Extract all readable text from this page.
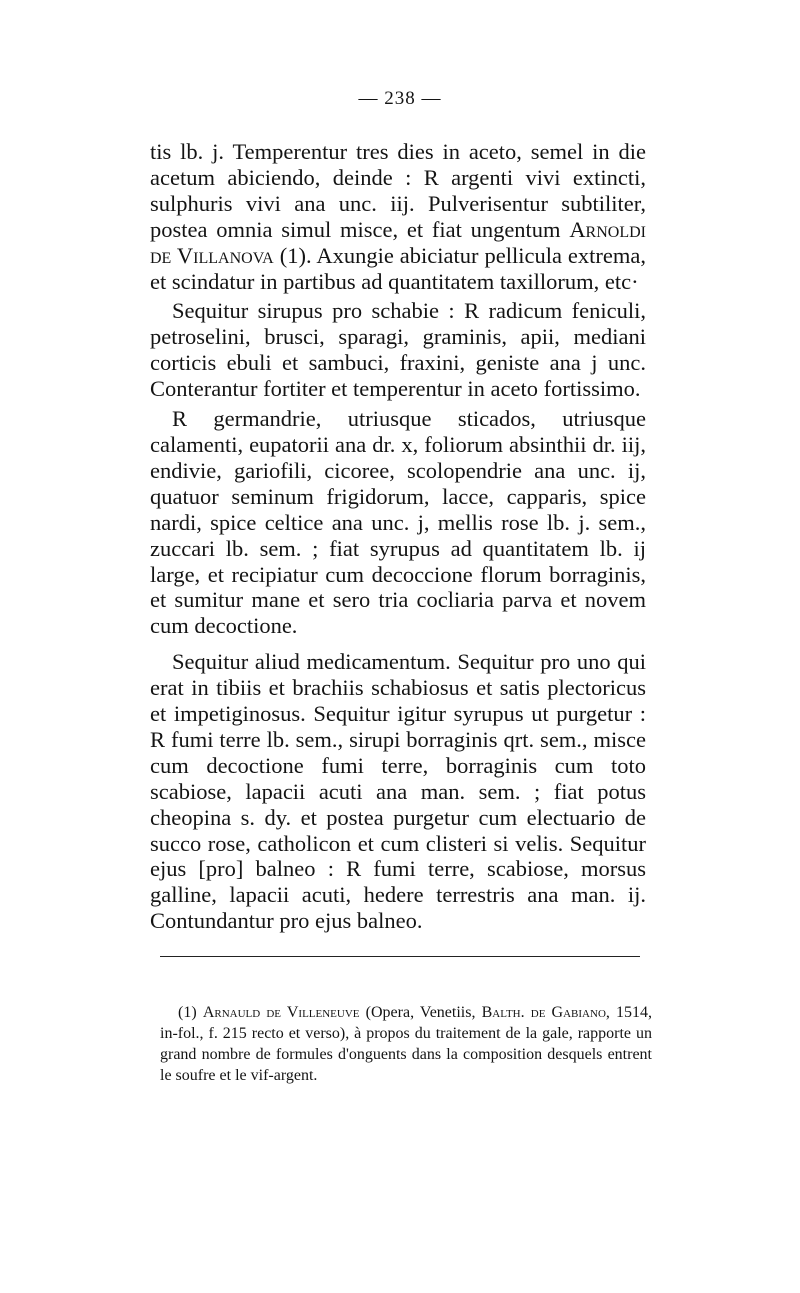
— 238 —

tis lb. j. Temperentur tres dies in aceto, semel in die acetum abiciendo, deinde : R argenti vivi extincti, sulphuris vivi ana unc. iij. Pulverisentur subtiliter, postea omnia simul misce, et fiat ungentum Arnoldi de Villanova (1). Axungie abiciatur pellicula extrema, et scindatur in partibus ad quantitatem taxillorum, etc·

Sequitur sirupus pro schabie : R radicum feniculi, petroselini, brusci, sparagi, graminis, apii, mediani corticis ebuli et sambuci, fraxini, geniste ana j unc. Conterantur fortiter et temperentur in aceto fortissimo.

R germandrie, utriusque sticados, utriusque calamenti, eupatorii ana dr. x, foliorum absinthii dr. iij, endivie, gariofili, cicoree, scolopendrie ana unc. ij, quatuor seminum frigidorum, lacce, capparis, spice nardi, spice celtice ana unc. j, mellis rose lb. j. sem., zuccari lb. sem. ; fiat syrupus ad quantitatem lb. ij large, et recipiatur cum decoccione florum borraginis, et sumitur mane et sero tria cocliaria parva et novem cum decoctione.

Sequitur aliud medicamentum. Sequitur pro uno qui erat in tibiis et brachiis schabiosus et satis plectoricus et impetiginosus. Sequitur igitur syrupus ut purgetur : R fumi terre lb. sem., sirupi borraginis qrt. sem., misce cum decoctione fumi terre, borraginis cum toto scabiose, lapacii acuti ana man. sem. ; fiat potus cheopina s. dy. et postea purgetur cum electuario de succo rose, catholicon et cum clisteri si velis. Sequitur ejus [pro] balneo : R fumi terre, scabiose, morsus galline, lapacii acuti, hedere terrestris ana man. ij. Contundantur pro ejus balneo.

(1) Arnauld de Villeneuve (Opera, Venetiis, Balth. de Gabiano, 1514, in-fol., f. 215 recto et verso), à propos du traitement de la gale, rapporte un grand nombre de formules d'onguents dans la composition desquels entrent le soufre et le vif-argent.
